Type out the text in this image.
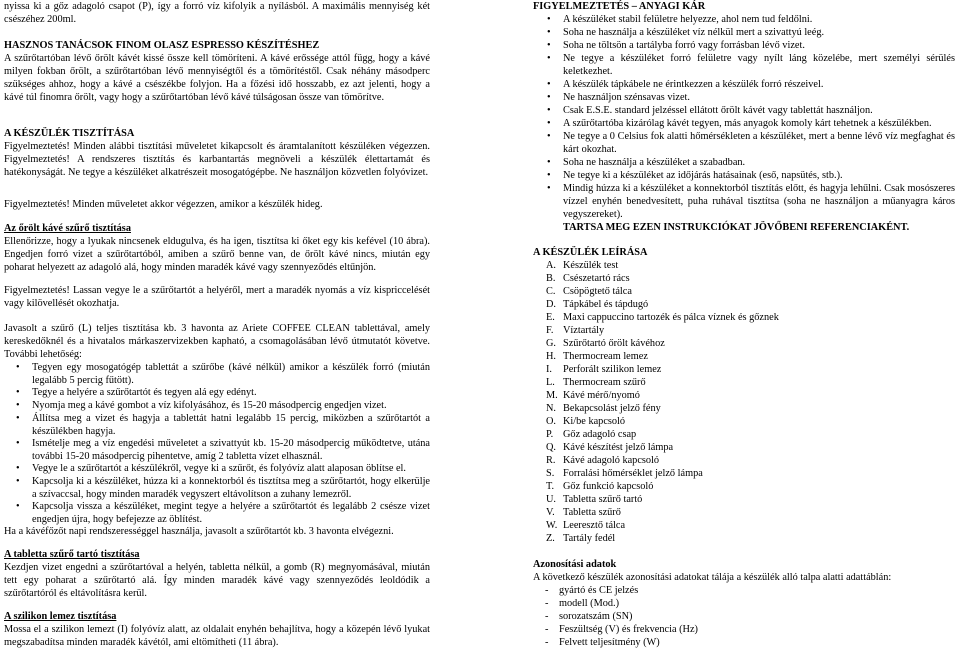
nyissa ki a gőz adagoló csapot (P), így a forró víz kifolyik a nyílásból. A maximális mennyiség két csészéhez 200ml.

HASZNOS TANÁCSOK FINOM OLASZ ESPRESSO KÉSZÍTÉSHEZ

A szűrőtartóban lévő őrölt kávét kissé össze kell tömöríteni. A kávé erőssége attól függ, hogy a kávé milyen fokban őrölt, a szűrőtartóban lévő mennyiségtől és a tömörítéstől. Csak néhány másodperc szükséges ahhoz, hogy a kávé a csészékbe folyjon. Ha a főzési idő hosszabb, ez azt jelenti, hogy a kávé túl finomra őrölt, vagy hogy a szűrőtartóban lévő kávé túlságosan össze van tömörítve.

A KÉSZÜLÉK TISZTÍTÁSA

Figyelmeztetés! Minden alábbi tisztítási műveletet kikapcsolt és áramtalanított készüléken végezzen. Figyelmeztetés! A rendszeres tisztítás és karbantartás megnöveli a készülék élettartamát és hatékonyságát. Ne tegye a készüléket alkatrészeit mosogatógépbe. Ne használjon közvetlen folyóvizet.

Figyelmeztetés! Minden műveletet akkor végezzen, amikor a készülék hideg.

Az őrölt kávé szűrő tisztítása

Ellenőrizze, hogy a lyukak nincsenek eldugulva, és ha igen, tisztítsa ki őket egy kis kefével (10 ábra). Engedjen forró vizet a szűrőtartóból, amiben a szűrő benne van, de őrölt kávé nincs, miután egy poharat helyezett az adagoló alá, hogy minden maradék kávé vagy szennyeződés eltűnjön.

Figyelmeztetés! Lassan vegye le a szűrőtartót a helyéről, mert a maradék nyomás a víz kispriccelését vagy kilövellését okozhatja.

Javasolt a szűrő (L) teljes tisztítása kb. 3 havonta az Ariete COFFEE CLEAN tablettával, amely kereskedőknél és a hivatalos márkaszervizekben kapható, a csomagolásában lévő útmutatót követve. További lehetőség:

• Tegyen egy mosogatógép tablettát a szűrőbe (kávé nélkül) amikor a készülék forró (miután legalább 5 percig fűtött).

• Tegye a helyére a szűrőtartót és tegyen alá egy edényt.

• Nyomja meg a kávé gombot a víz kifolyásához, és 15-20 másodpercig engedjen vizet.

• Állítsa meg a vizet és hagyja a tablettát hatni legalább 15 percig, miközben a szűrőtartót a készülékben hagyja.

• Ismételje meg a víz engedési műveletet a szivattyút kb. 15-20 másodpercig működtetve, utána további 15-20 másodpercig pihentetve, amíg 2 tabletta vízet elhasznál.

• Vegye le a szűrőtartót a készülékről, vegye ki a szűrőt, és folyóvíz alatt alaposan öblítse el.

• Kapcsolja ki a készüléket, húzza ki a konnektorból és tisztítsa meg a szűrőtartót, hogy elkerülje a szívaccsal, hogy minden maradék vegyszert eltávolítson a zuhany lemezről.

• Kapcsolja vissza a készüléket, megint tegye a helyére a szűrőtartót és legalább 2 csésze vizet engedjen újra, hogy befejezze az öblítést.

Ha a kávéfőzőt napi rendszerességgel használja, javasolt a szűrőtartót kb. 3 havonta elvégezni.

A tabletta szűrő tartó tisztítása

Kezdjen vizet engedni a szűrőtartóval a helyén, tabletta nélkül, a gomb (R) megnyomásával, miután tett egy poharat a szűrőtartó alá. Így minden maradék kávé vagy szennyeződés leoldódik a szűrőtartóról és eltávolításra kerül.

A szilikon lemez tisztítása

Mossa el a szilikon lemezt (I) folyóvíz alatt, az oldalait enyhén behajlítva, hogy a közepén lévő lyukat megszabadítsa minden maradék kávétól, ami eltömítheti (11 ábra).

FIGYELMEZTETÉS – ANYAGI KÁR

• A készüléket stabil felületre helyezze, ahol nem tud feldőlni.

• Soha ne használja a készüléket víz nélkül mert a szivattyú leég.

• Soha ne töltsön a tartályba forró vagy forrásban lévő vizet.

• Ne tegye a készüléket forró felületre vagy nyílt láng közelébe, mert személyi sérülés keletkezhet.

• A készülék tápkábele ne érintkezzen a készülék forró részeivel.

• Ne használjon szénsavas vizet.

• Csak E.S.E. standard jelzéssel ellátott őrölt kávét vagy tablettát használjon.

• A szűrőtartóba kizárólag kávét tegyen, más anyagok komoly kárt tehetnek a készülékben.

• Ne tegye a 0 Celsius fok alatti hőmérsékleten a készüléket, mert a benne lévő víz megfaghat és kárt okozhat.

• Soha ne használja a készüléket a szabadban.

• Ne tegye ki a készüléket az időjárás hatásainak (eső, napsütés, stb.).

• Mindig húzza ki a készüléket a konnektorból tisztítás előtt, és hagyja lehűlni. Csak mosószeres vízzel enyhén benedvesített, puha ruhával tisztítsa (soha ne használjon a műanyagra káros vegyszereket).

TARTSA MEG EZEN INSTRUKCIÓKAT JÖVŐBENI REFERENCIAKÉNT.

A KÉSZÜLÉK LEÍRÁSA

A. Készülék test
B. Csészetartó rács
C. Csöpögtető tálca
D. Tápkábel és tápdugó
E. Maxi cappuccino tartozék és pálca víznek és gőznek
F. Víztartály
G. Szűrőtartó őrölt kávéhoz
H. Thermocream lemez
I. Perforált szilikon lemez
L. Thermocream szűrő
M. Kávé mérő/nyomó
N. Bekapcsolást jelző fény
O. Ki/be kapcsoló
P. Gőz adagoló csap
Q. Kávé készítést jelző lámpa
R. Kávé adagoló kapcsoló
S. Forralási hőmérséklet jelző lámpa
T. Gőz funkció kapcsoló
U. Tabletta szűrő tartó
V. Tabletta szűrő
W. Leeresztő tálca
Z. Tartály fedél

Azonosítási adatok

A következő készülék azonosítási adatokat tálája a készülék alló talpa alatti adattáblán:

- gyártó és CE jelzés
- modell (Mod.)
- sorozatszám (SN)
- Feszültség (V) és frekvencia (Hz)
- Felvett teljesítmény (W)
